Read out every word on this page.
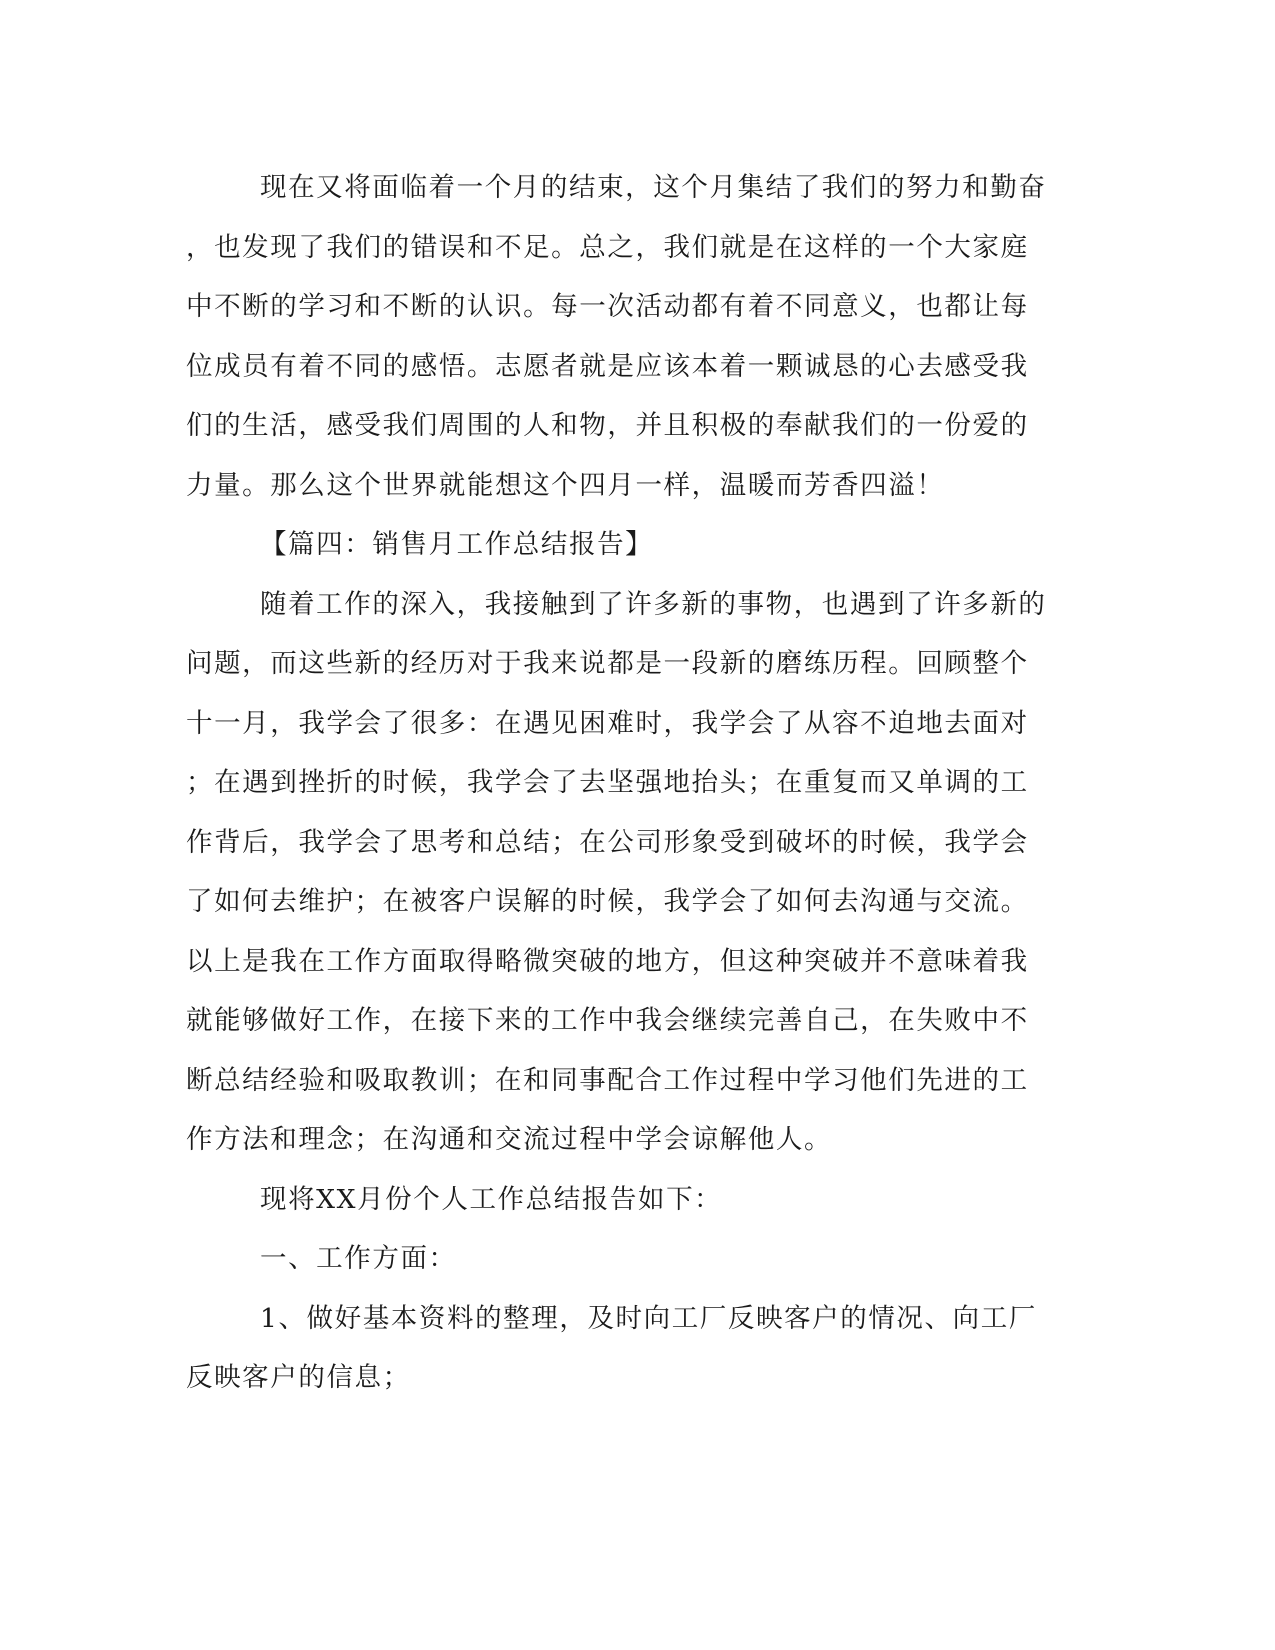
现在又将面临着一个月的结束，这个月集结了我们的努力和勤奋
，也发现了我们的错误和不足。总之，我们就是在这样的一个大家庭
中不断的学习和不断的认识。每一次活动都有着不同意义，也都让每
位成员有着不同的感悟。志愿者就是应该本着一颗诚恳的心去感受我
们的生活，感受我们周围的人和物，并且积极的奉献我们的一份爱的
力量。那么这个世界就能想这个四月一样，温暖而芳香四溢！
【篇四：销售月工作总结报告】
随着工作的深入，我接触到了许多新的事物，也遇到了许多新的
问题，而这些新的经历对于我来说都是一段新的磨练历程。回顾整个
十一月，我学会了很多：在遇见困难时，我学会了从容不迫地去面对
；在遇到挫折的时候，我学会了去坚强地抬头；在重复而又单调的工
作背后，我学会了思考和总结；在公司形象受到破坏的时候，我学会
了如何去维护；在被客户误解的时候，我学会了如何去沟通与交流。
以上是我在工作方面取得略微突破的地方，但这种突破并不意味着我
就能够做好工作，在接下来的工作中我会继续完善自己，在失败中不
断总结经验和吸取教训；在和同事配合工作过程中学习他们先进的工
作方法和理念；在沟通和交流过程中学会谅解他人。
现将XX月份个人工作总结报告如下：
一、工作方面：
1、做好基本资料的整理，及时向工厂反映客户的情况、向工厂
反映客户的信息；
